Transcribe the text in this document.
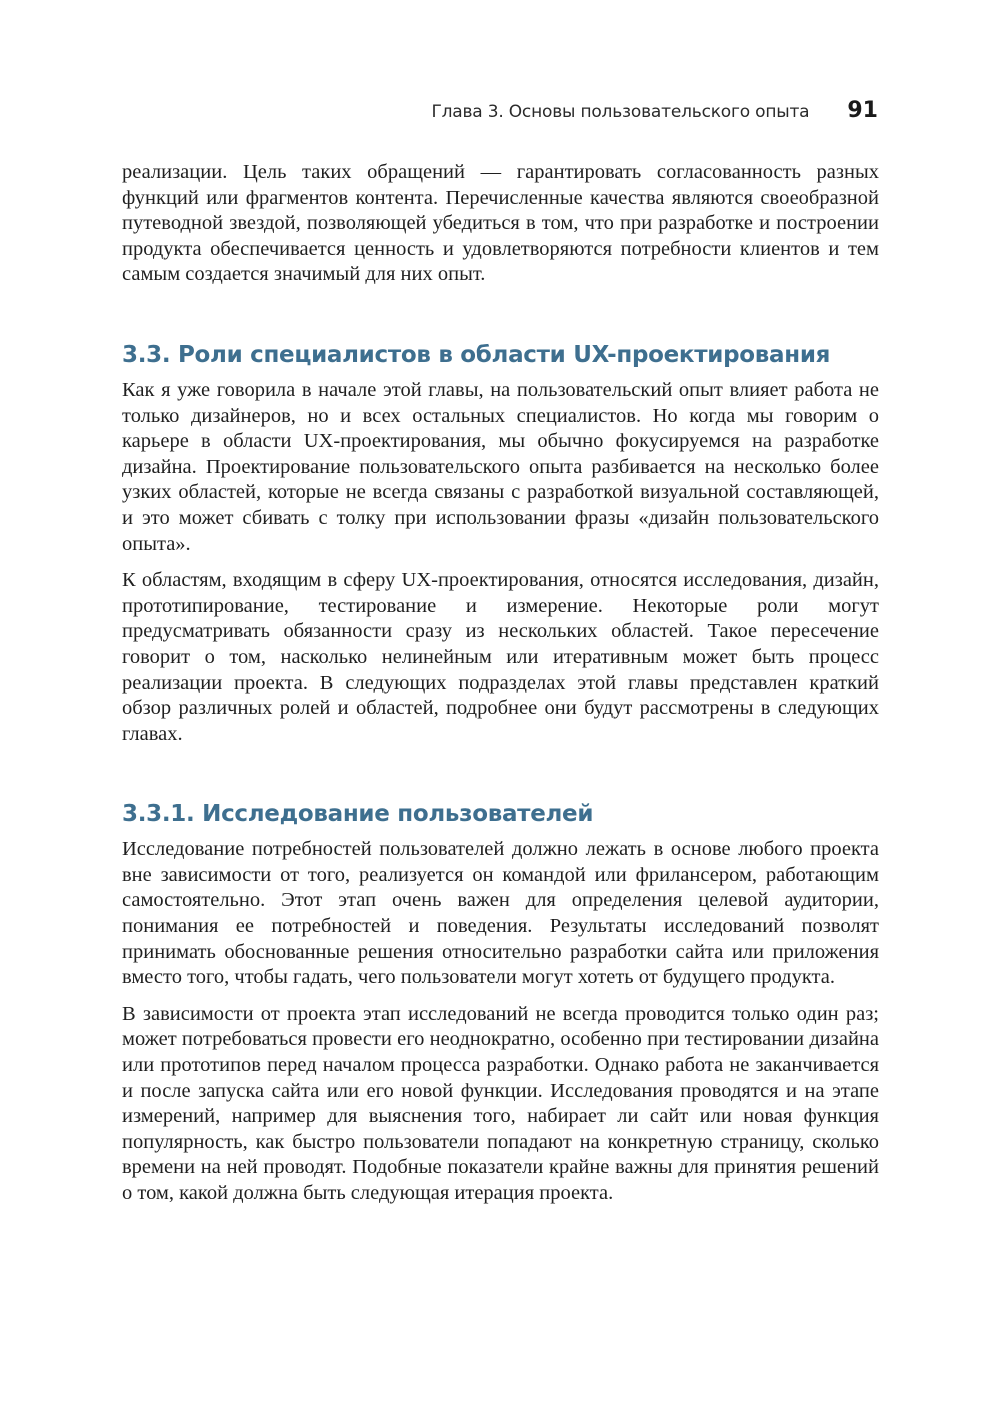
Глава 3. Основы пользовательского опыта 91

реализации. Цель таких обращений — гарантировать согласованность разных функций или фрагментов контента. Перечисленные качества являются своеобразной путеводной звездой, позволяющей убедиться в том, что при разработке и построении продукта обеспечивается ценность и удовлетворяются потребности клиентов и тем самым создается значимый для них опыт.

3.3. Роли специалистов в области UX-проектирования

Как я уже говорила в начале этой главы, на пользовательский опыт влияет работа не только дизайнеров, но и всех остальных специалистов. Но когда мы говорим о карьере в области UX-проектирования, мы обычно фокусируемся на разработке дизайна. Проектирование пользовательского опыта разбивается на несколько более узких областей, которые не всегда связаны с разработкой визуальной составляющей, и это может сбивать с толку при использовании фразы «дизайн пользовательского опыта».

К областям, входящим в сферу UX-проектирования, относятся исследования, дизайн, прототипирование, тестирование и измерение. Некоторые роли могут предусматривать обязанности сразу из нескольких областей. Такое пересечение говорит о том, насколько нелинейным или итеративным может быть процесс реализации проекта. В следующих подразделах этой главы представлен краткий обзор различных ролей и областей, подробнее они будут рассмотрены в следующих главах.

3.3.1. Исследование пользователей

Исследование потребностей пользователей должно лежать в основе любого проекта вне зависимости от того, реализуется он командой или фрилансером, работающим самостоятельно. Этот этап очень важен для определения целевой аудитории, понимания ее потребностей и поведения. Результаты исследований позволят принимать обоснованные решения относительно разработки сайта или приложения вместо того, чтобы гадать, чего пользователи могут хотеть от будущего продукта.

В зависимости от проекта этап исследований не всегда проводится только один раз; может потребоваться провести его неоднократно, особенно при тестировании дизайна или прототипов перед началом процесса разработки. Однако работа не заканчивается и после запуска сайта или его новой функции. Исследования проводятся и на этапе измерений, например для выяснения того, набирает ли сайт или новая функция популярность, как быстро пользователи попадают на конкретную страницу, сколько времени на ней проводят. Подобные показатели крайне важны для принятия решений о том, какой должна быть следующая итерация проекта.
